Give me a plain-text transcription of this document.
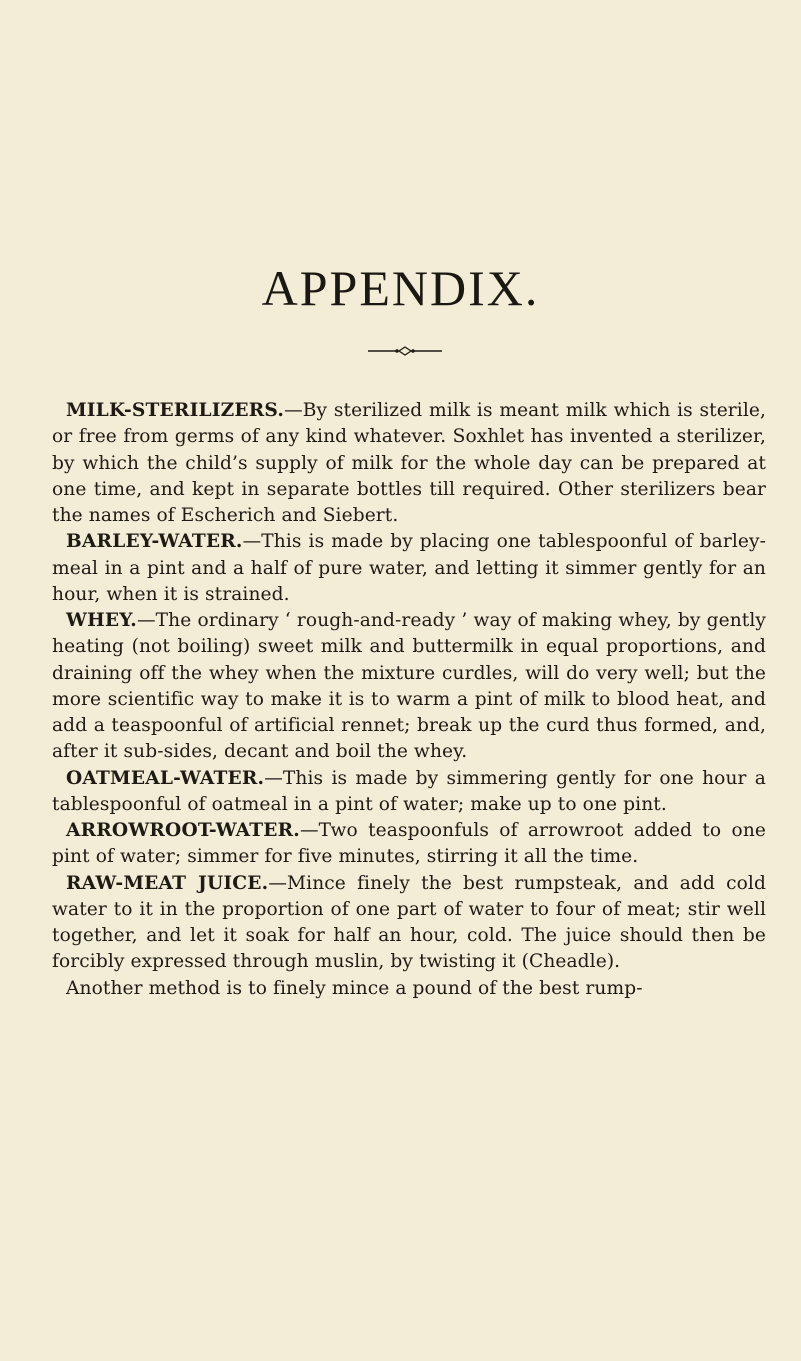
APPENDIX.

MILK-STERILIZERS.—By sterilized milk is meant milk which is sterile, or free from germs of any kind whatever. Soxhlet has invented a sterilizer, by which the child’s supply of milk for the whole day can be prepared at one time, and kept in separate bottles till required. Other sterilizers bear the names of Escherich and Siebert.

BARLEY-WATER.—This is made by placing one tablespoonful of barley-meal in a pint and a half of pure water, and letting it simmer gently for an hour, when it is strained.

WHEY.—The ordinary ‘ rough-and-ready ’ way of making whey, by gently heating (not boiling) sweet milk and buttermilk in equal proportions, and draining off the whey when the mixture curdles, will do very well; but the more scientific way to make it is to warm a pint of milk to blood heat, and add a teaspoonful of artificial rennet; break up the curd thus formed, and, after it sub-sides, decant and boil the whey.

OATMEAL-WATER.—This is made by simmering gently for one hour a tablespoonful of oatmeal in a pint of water; make up to one pint.

ARROWROOT-WATER.—Two teaspoonfuls of arrowroot added to one pint of water; simmer for five minutes, stirring it all the time.

RAW-MEAT JUICE.—Mince finely the best rumpsteak, and add cold water to it in the proportion of one part of water to four of meat; stir well together, and let it soak for half an hour, cold. The juice should then be forcibly expressed through muslin, by twisting it (Cheadle).

Another method is to finely mince a pound of the best rump-
